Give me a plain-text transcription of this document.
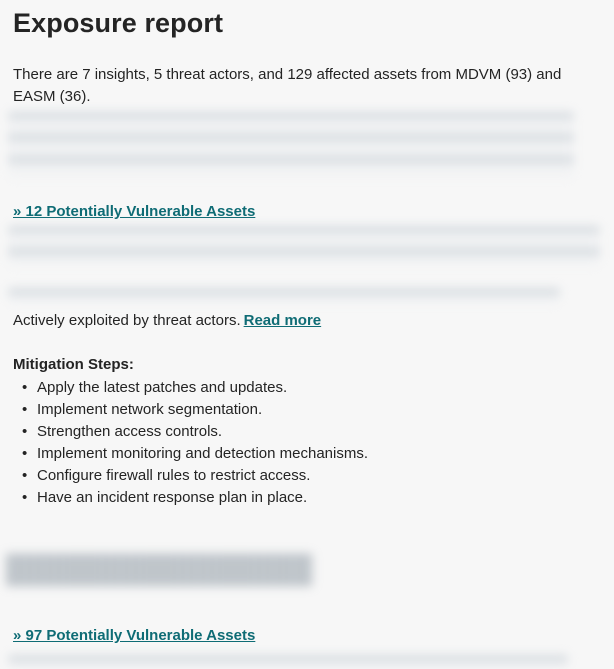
Exposure report
There are 7 insights, 5 threat actors, and 129 affected assets from MDVM (93) and EASM (36).
» 12 Potentially Vulnerable Assets
Actively exploited by threat actors. Read more
Mitigation Steps:
• Apply the latest patches and updates.
• Implement network segmentation.
• Strengthen access controls.
• Implement monitoring and detection mechanisms.
• Configure firewall rules to restrict access.
• Have an incident response plan in place.
████████████████
» 97 Potentially Vulnerable Assets
